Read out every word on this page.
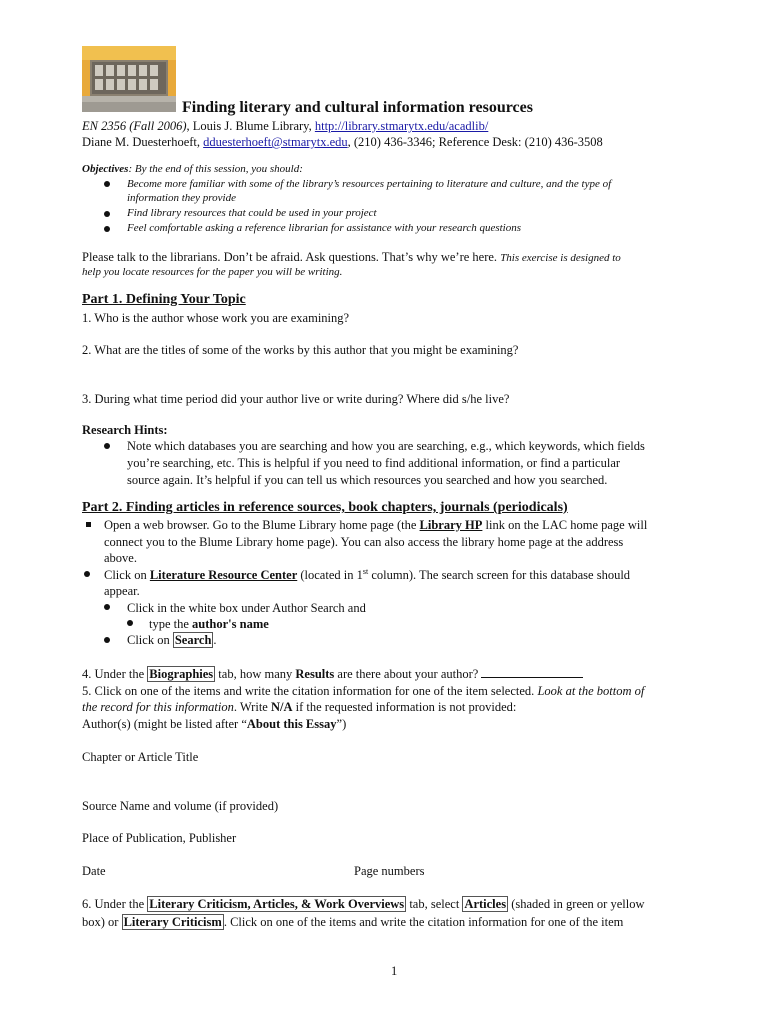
Finding literary and cultural information resources
EN 2356 (Fall 2006), Louis J. Blume Library, http://library.stmarytx.edu/acadlib/
Diane M. Duesterhoeft, dduesterhoeft@stmarytx.edu, (210) 436-3346; Reference Desk: (210) 436-3508
Objectives: By the end of this session, you should:
Become more familiar with some of the library’s resources pertaining to literature and culture, and the type of
information they provide
Find library resources that could be used in your project
Feel comfortable asking a reference librarian for assistance with your research questions
Please talk to the librarians. Don’t be afraid. Ask questions. That’s why we’re here. This exercise is designed to
help you locate resources for the paper you will be writing.
Part 1. Defining Your Topic
1. Who is the author whose work you are examining?
2. What are the titles of some of the works by this author that you might be examining?
3. During what time period did your author live or write during? Where did s/he live?
Research Hints:
Note which databases you are searching and how you are searching, e.g., which keywords, which fields
you’re searching, etc. This is helpful if you need to find additional information, or find a particular
source again. It’s helpful if you can tell us which resources you searched and how you searched.
Part 2. Finding articles in reference sources, book chapters, journals (periodicals)
Open a web browser. Go to the Blume Library home page (the Library HP link on the LAC home page will
connect you to the Blume Library home page). You can also access the library home page at the address
above.
Click on Literature Resource Center (located in 1st column). The search screen for this database should
appear.
Click in the white box under Author Search and
type the author's name
Click on Search .
4. Under the Biographies tab, how many Results are there about your author?
5. Click on one of the items and write the citation information for one of the item selected. Look at the bottom of
the record for this information. Write N/A if the requested information is not provided:
Author(s) (might be listed after “About this Essay”)
Chapter or Article Title
Source Name and volume (if provided)
Place of Publication, Publisher
Date	Page numbers
6. Under the Literary Criticism, Articles, & Work Overviews tab, select Articles (shaded in green or yellow
box) or Literary Criticism . Click on one of the items and write the citation information for one of the item
1
